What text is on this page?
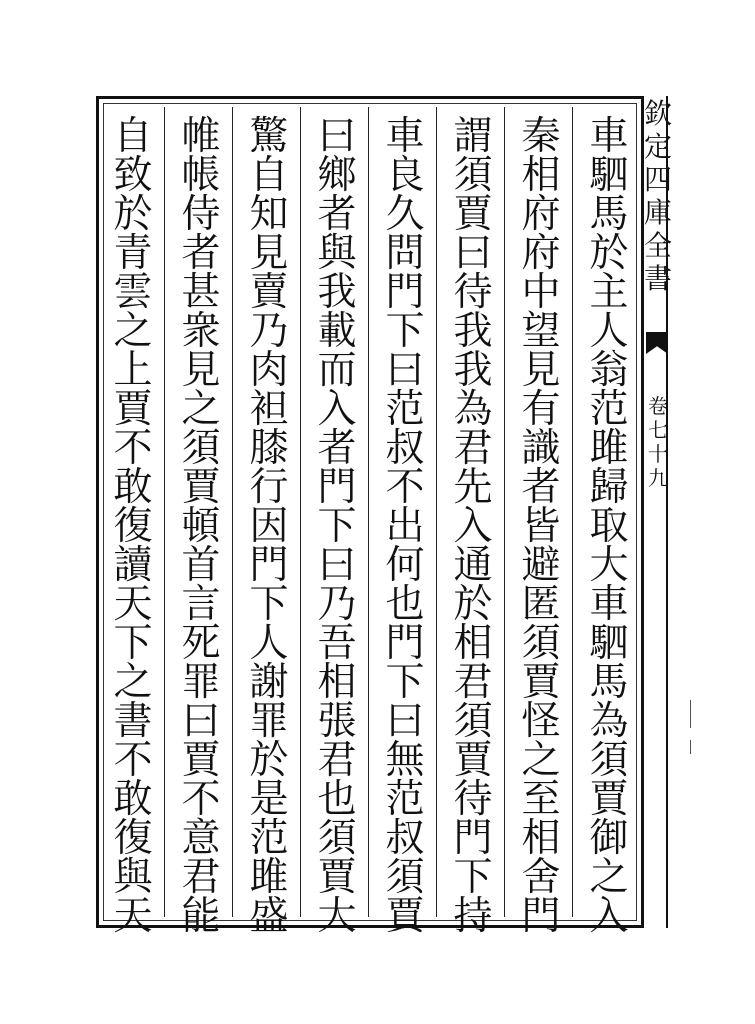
自
致
於
青
雲
之
上
賈
不
敢
復
讀
天
下
之
書
不
敢
復
與
天
帷
帳
侍
者
甚
衆
見
之
須
賈
頓
首
言
死
罪
曰
賈
不
意
君
能
驚
自
知
見
賣
乃
肉
袒
膝
行
因
門
下
人
謝
罪
於
是
范
雎
盛
曰
鄉
者
與
我
載
而
入
者
門
下
曰
乃
吾
相
張
君
也
須
賈
大
車
良
久
問
門
下
曰
范
叔
不
出
何
也
門
下
曰
無
范
叔
須
賈
謂
須
賈
曰
待
我
我
為
君
先
入
通
於
相
君
須
賈
待
門
下
持
秦
相
府
府
中
望
見
有
識
者
皆
避
匿
須
賈
怪
之
至
相
舍
門
車
駟
馬
於
主
人
翁
范
雎
歸
取
大
車
駟
馬
為
須
賈
御
之
入
欽
定
四
庫
全
書
卷
七
十
九
